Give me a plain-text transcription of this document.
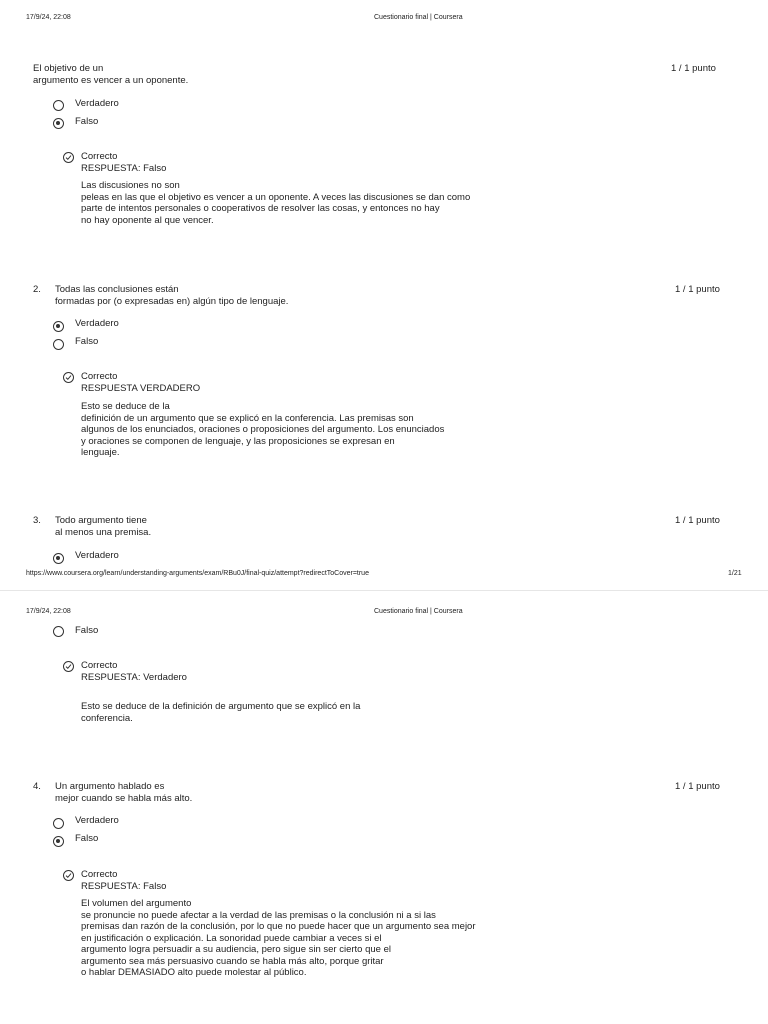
17/9/24, 22:08	Cuestionario final | Coursera
El objetivo de un
argumento es vencer a un oponente.
1 / 1 punto
Verdadero
Falso
Correcto
RESPUESTA: Falso
Las discusiones no son
peleas en las que el objetivo es vencer a un oponente. A veces las discusiones se dan como
parte de intentos personales o cooperativos de resolver las cosas, y entonces no hay
no hay oponente al que vencer.
2. Todas las conclusiones están
formadas por (o expresadas en) algún tipo de lenguaje.
1 / 1 punto
Verdadero
Falso
Correcto
RESPUESTA VERDADERO
Esto se deduce de la
definición de un argumento que se explicó en la conferencia. Las premisas son
algunos de los enunciados, oraciones o proposiciones del argumento. Los enunciados
y oraciones se componen de lenguaje, y las proposiciones se expresan en
lenguaje.
3. Todo argumento tiene
al menos una premisa.
1 / 1 punto
Verdadero
https://www.coursera.org/learn/understanding-arguments/exam/RBu0J/final-quiz/attempt?redirectToCover=true	1/21
17/9/24, 22:08	Cuestionario final | Coursera
Falso
Correcto
RESPUESTA: Verdadero
Esto se deduce de la definición de argumento que se explicó en la
conferencia.
4. Un argumento hablado es
mejor cuando se habla más alto.
1 / 1 punto
Verdadero
Falso
Correcto
RESPUESTA: Falso
El volumen del argumento
se pronuncie no puede afectar a la verdad de las premisas o la conclusión ni a si las
premisas dan razón de la conclusión, por lo que no puede hacer que un argumento sea mejor
en justificación o explicación. La sonoridad puede cambiar a veces si el
argumento logra persuadir a su audiencia, pero sigue sin ser cierto que el
argumento sea más persuasivo cuando se habla más alto, porque gritar
o hablar DEMASIADO alto puede molestar al público.
